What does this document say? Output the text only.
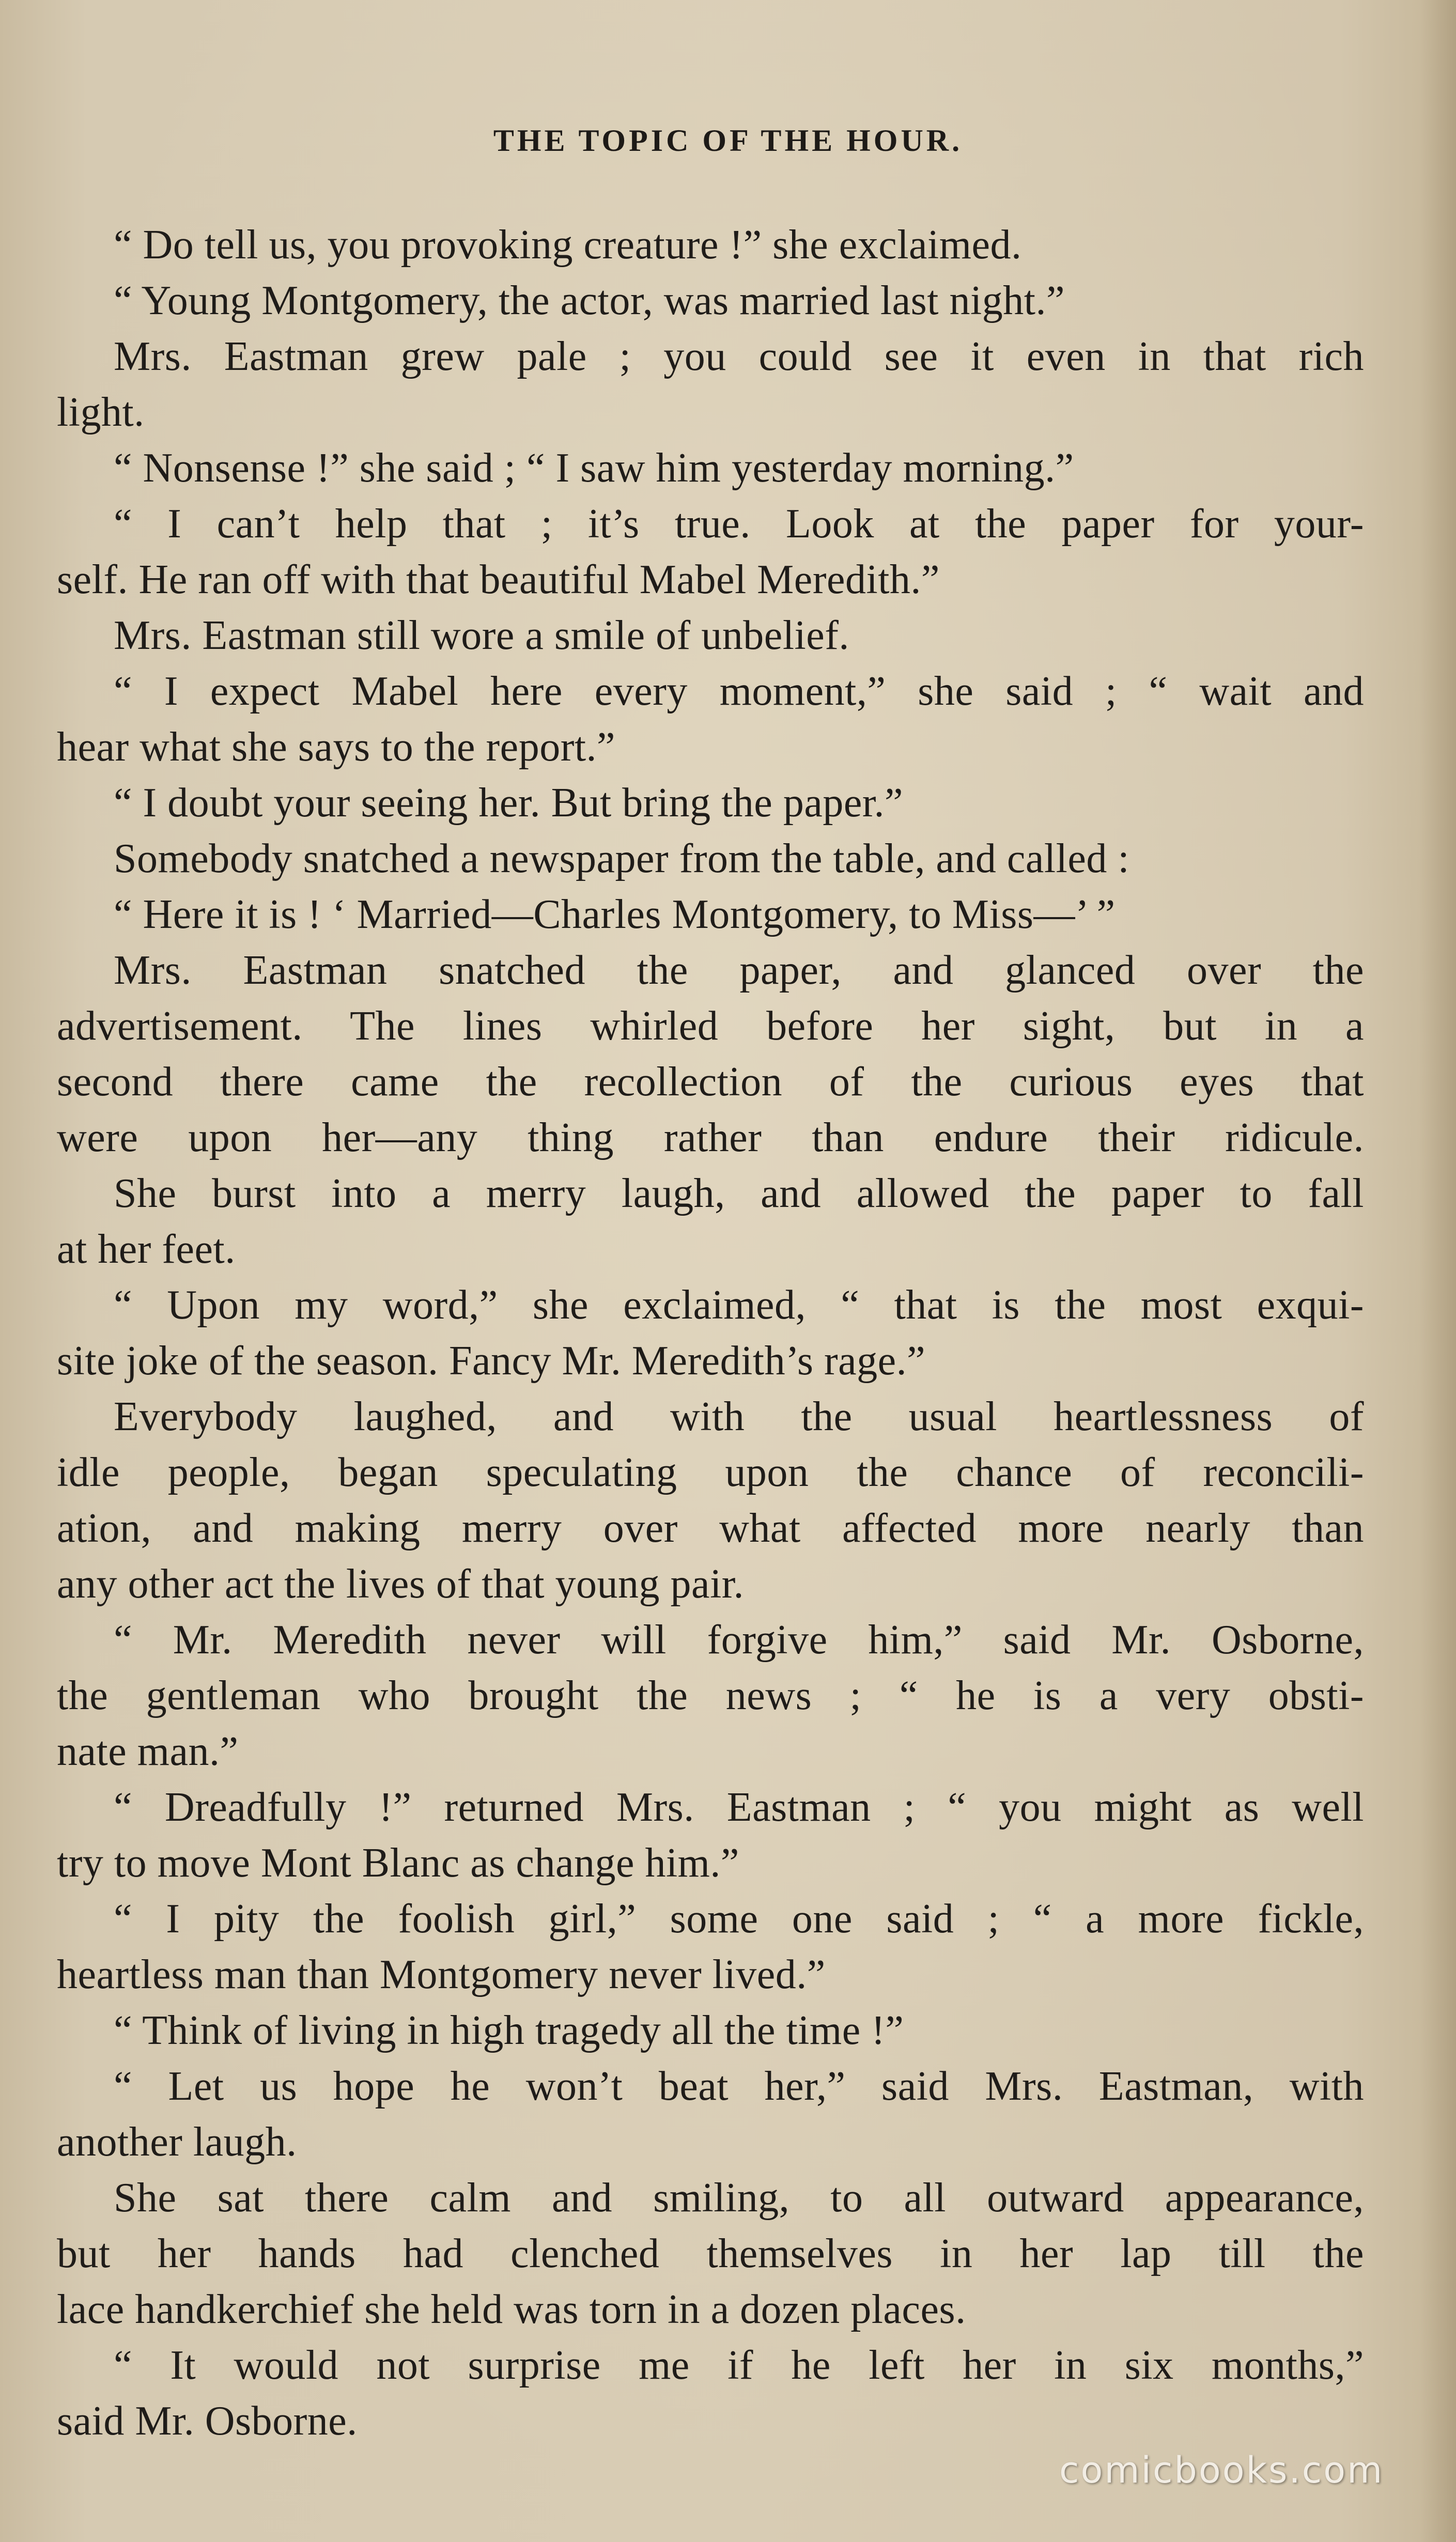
THE TOPIC OF THE HOUR.
“ Do tell us, you provoking creature !” she exclaimed.
“ Young Montgomery, the actor, was married last night.”
Mrs. Eastman grew pale ; you could see it even in that rich
light.
“ Nonsense !” she said ; “ I saw him yesterday morning.”
“ I can’t help that ; it’s true. Look at the paper for your-
self. He ran off with that beautiful Mabel Meredith.”
Mrs. Eastman still wore a smile of unbelief.
“ I expect Mabel here every moment,” she said ; “ wait and
hear what she says to the report.”
“ I doubt your seeing her. But bring the paper.”
Somebody snatched a newspaper from the table, and called :
“ Here it is ! ‘ Married—Charles Montgomery, to Miss—’ ”
Mrs. Eastman snatched the paper, and glanced over the
advertisement. The lines whirled before her sight, but in a
second there came the recollection of the curious eyes that
were upon her—any thing rather than endure their ridicule.
She burst into a merry laugh, and allowed the paper to fall
at her feet.
“ Upon my word,” she exclaimed, “ that is the most exqui-
site joke of the season. Fancy Mr. Meredith’s rage.”
Everybody laughed, and with the usual heartlessness of
idle people, began speculating upon the chance of reconcili-
ation, and making merry over what affected more nearly than
any other act the lives of that young pair.
“ Mr. Meredith never will forgive him,” said Mr. Osborne,
the gentleman who brought the news ; “ he is a very obsti-
nate man.”
“ Dreadfully !” returned Mrs. Eastman ; “ you might as well
try to move Mont Blanc as change him.”
“ I pity the foolish girl,” some one said ; “ a more fickle,
heartless man than Montgomery never lived.”
“ Think of living in high tragedy all the time !”
“ Let us hope he won’t beat her,” said Mrs. Eastman, with
another laugh.
She sat there calm and smiling, to all outward appearance,
but her hands had clenched themselves in her lap till the
lace handkerchief she held was torn in a dozen places.
“ It would not surprise me if he left her in six months,”
said Mr. Osborne.
comicbooks.com
